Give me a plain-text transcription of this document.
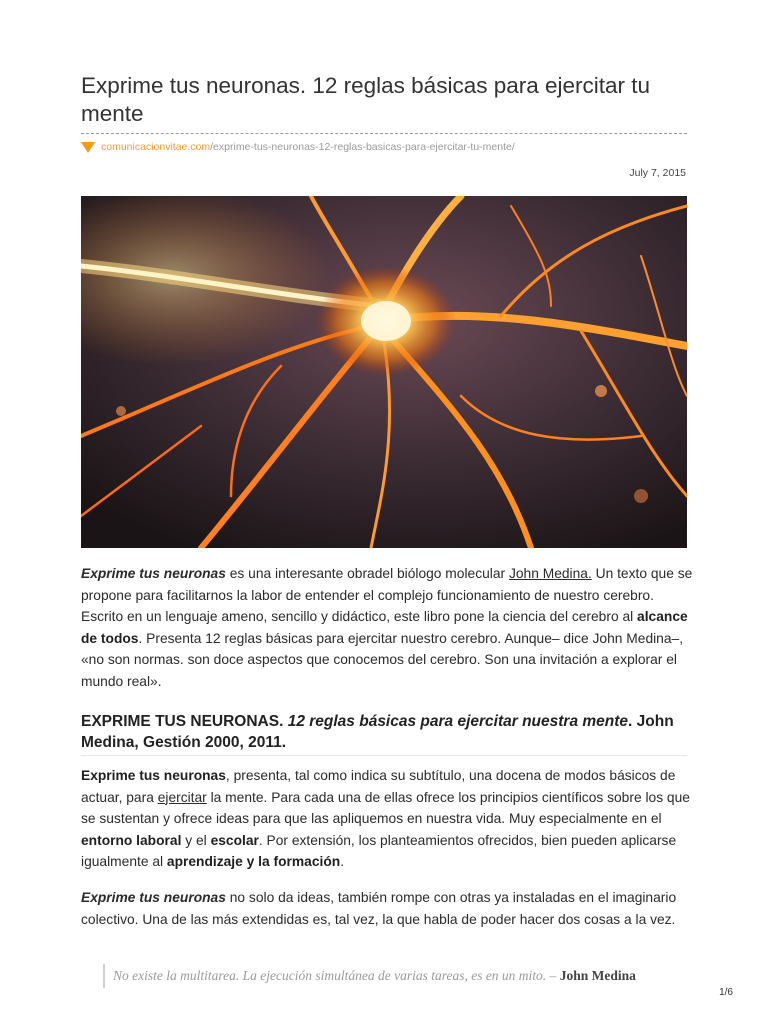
Exprime tus neuronas. 12 reglas básicas para ejercitar tu mente
comunicacionvitae.com /exprime-tus-neuronas-12-reglas-basicas-para-ejercitar-tu-mente/
July 7, 2015

Exprime tus neuronas es una interesante obradel biólogo molecular John Medina. Un texto que se propone para facilitarnos la labor de entender el complejo funcionamiento de nuestro cerebro. Escrito en un lenguaje ameno, sencillo y didáctico, este libro pone la ciencia del cerebro al alcance de todos. Presenta 12 reglas básicas para ejercitar nuestro cerebro. Aunque– dice John Medina–, «no son normas. son doce aspectos que conocemos del cerebro. Son una invitación a explorar el mundo real».

EXPRIME TUS NEURONAS. 12 reglas básicas para ejercitar nuestra mente. John Medina, Gestión 2000, 2011.

Exprime tus neuronas, presenta, tal como indica su subtítulo, una docena de modos básicos de actuar, para ejercitar la mente. Para cada una de ellas ofrece los principios científicos sobre los que se sustentan y ofrece ideas para que las apliquemos en nuestra vida. Muy especialmente en el entorno laboral y el escolar. Por extensión, los planteamientos ofrecidos, bien pueden aplicarse igualmente al aprendizaje y la formación.

Exprime tus neuronas no solo da ideas, también rompe con otras ya instaladas en el imaginario colectivo. Una de las más extendidas es, tal vez, la que habla de poder hacer dos cosas a la vez.

No existe la multitarea. La ejecución simultánea de varias tareas, es en un mito. – John Medina
1/6
